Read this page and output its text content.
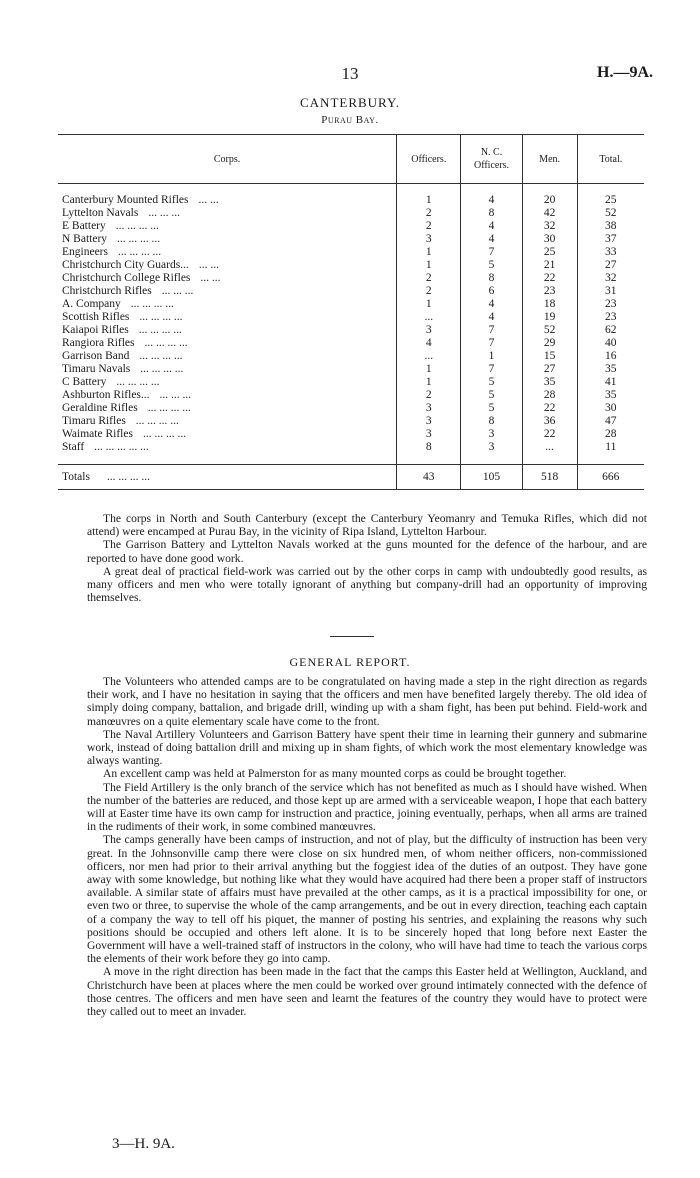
13	H.—9A.
CANTERBURY.
Purau Bay.
Corps.	Officers.	N. C.
Officers.	Men.	Total.

Canterbury Mounted Rifles ... ...	1	4	20	25
Lyttelton Navals ... ... ...	2	8	42	52
E Battery ... ... ... ...	2	4	32	38
N Battery ... ... ... ...	3	4	30	37
Engineers ... ... ... ...	1	7	25	33
Christchurch City Guards... ... ...	1	5	21	27
Christchurch College Rifles ... ...	2	8	22	32
Christchurch Rifles ... ... ...	2	6	23	31
A. Company ... ... ... ...	1	4	18	23
Scottish Rifles ... ... ... ...	...	4	19	23
Kaiapoi Rifles ... ... ... ...	3	7	52	62
Rangiora Rifles ... ... ... ...	4	7	29	40
Garrison Band ... ... ... ...	...	1	15	16
Timaru Navals ... ... ... ...	1	7	27	35
C Battery ... ... ... ...	1	5	35	41
Ashburton Rifles... ... ... ...	2	5	28	35
Geraldine Rifles ... ... ... ...	3	5	22	30
Timaru Rifles ... ... ... ...	3	8	36	47
Waimate Rifles ... ... ... ...	3	3	22	28
Staff ... ... ... ... ...	8	3	...	11

Totals ... ... ... ...	43	105	518	666

The corps in North and South Canterbury (except the Canterbury Yeomanry and Temuka Rifles, which did not attend) were encamped at Purau Bay, in the vicinity of Ripa Island, Lyttelton Harbour.

The Garrison Battery and Lyttelton Navals worked at the guns mounted for the defence of the harbour, and are reported to have done good work.

A great deal of practical field-work was carried out by the other corps in camp with undoubtedly good results, as many officers and men who were totally ignorant of anything but company-drill had an opportunity of improving themselves.

GENERAL REPORT.

The Volunteers who attended camps are to be congratulated on having made a step in the right direction as regards their work, and I have no hesitation in saying that the officers and men have benefited largely thereby. The old idea of simply doing company, battalion, and brigade drill, winding up with a sham fight, has been put behind. Field-work and manœuvres on a quite elementary scale have come to the front.

The Naval Artillery Volunteers and Garrison Battery have spent their time in learning their gunnery and submarine work, instead of doing battalion drill and mixing up in sham fights, of which work the most elementary knowledge was always wanting.

An excellent camp was held at Palmerston for as many mounted corps as could be brought together.

The Field Artillery is the only branch of the service which has not benefited as much as I should have wished. When the number of the batteries are reduced, and those kept up are armed with a serviceable weapon, I hope that each battery will at Easter time have its own camp for instruction and practice, joining eventually, perhaps, when all arms are trained in the rudiments of their work, in some combined manœuvres.

The camps generally have been camps of instruction, and not of play, but the difficulty of instruction has been very great. In the Johnsonville camp there were close on six hundred men, of whom neither officers, non-commissioned officers, nor men had prior to their arrival anything but the foggiest idea of the duties of an outpost. They have gone away with some knowledge, but nothing like what they would have acquired had there been a proper staff of instructors available. A similar state of affairs must have prevailed at the other camps, as it is a practical impossibility for one, or even two or three, to supervise the whole of the camp arrangements, and be out in every direction, teaching each captain of a company the way to tell off his piquet, the manner of posting his sentries, and explaining the reasons why such positions should be occupied and others left alone. It is to be sincerely hoped that long before next Easter the Government will have a well-trained staff of instructors in the colony, who will have had time to teach the various corps the elements of their work before they go into camp.

A move in the right direction has been made in the fact that the camps this Easter held at Wellington, Auckland, and Christchurch have been at places where the men could be worked over ground intimately connected with the defence of those centres. The officers and men have seen and learnt the features of the country they would have to protect were they called out to meet an invader.

3—H. 9A.
